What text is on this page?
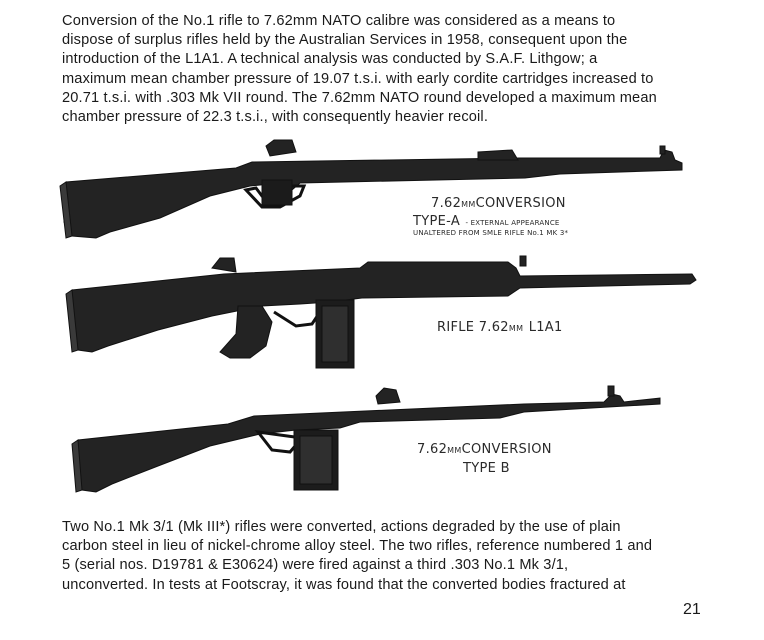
Conversion of the No.1 rifle to 7.62mm NATO calibre was considered as a means to
dispose of surplus rifles held by the Australian Services in 1958, consequent upon the
introduction of the L1A1. A technical analysis was conducted by S.A.F. Lithgow; a
maximum mean chamber pressure of 19.07 t.s.i. with early cordite cartridges increased to
20.71 t.s.i. with .303 Mk VII round. The 7.62mm NATO round developed a maximum mean
chamber pressure of 22.3 t.s.i., with consequently heavier recoil.
7.62MMCONVERSION
TYPE-A - EXTERNAL APPEARANCE
UNALTERED FROM SMLE RIFLE No.1 MK 3*
RIFLE 7.62MM L1A1
7.62MMCONVERSION
TYPE B
Two No.1 Mk 3/1 (Mk III*) rifles were converted, actions degraded by the use of plain
carbon steel in lieu of nickel-chrome alloy steel. The two rifles, reference numbered 1 and
5 (serial nos. D19781 & E30624) were fired against a third .303 No.1 Mk 3/1,
unconverted. In tests at Footscray, it was found that the converted bodies fractured at
21
